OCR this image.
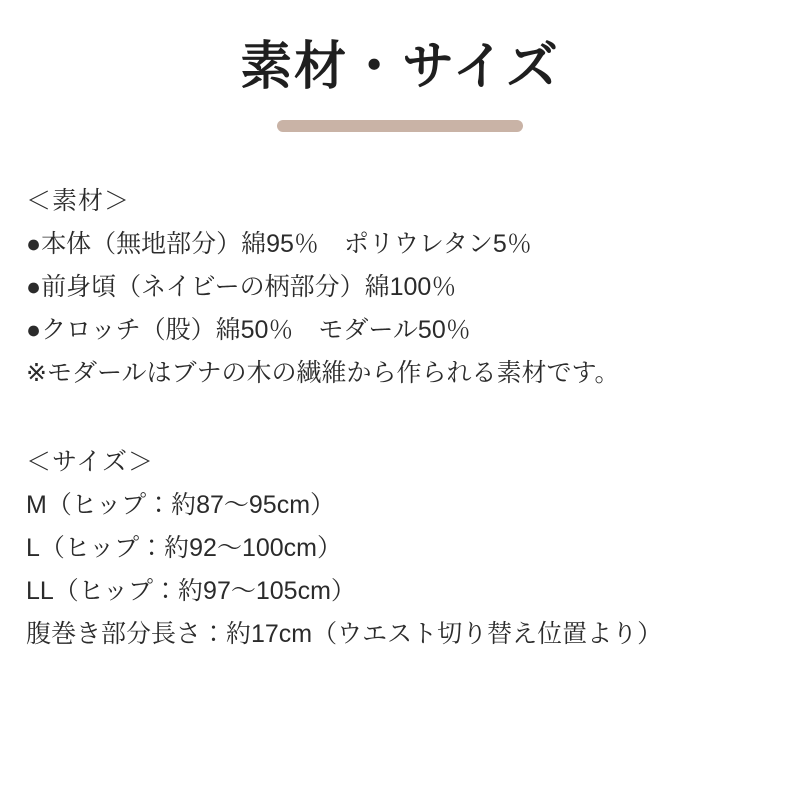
素材・サイズ
＜素材＞
●本体（無地部分）綿95％　ポリウレタン5％
●前身頃（ネイビーの柄部分）綿100％
●クロッチ（股）綿50％　モダール50％
※モダールはブナの木の繊維から作られる素材です。
＜サイズ＞
M（ヒップ：約87〜95cm）
L（ヒップ：約92〜100cm）
LL（ヒップ：約97〜105cm）
腹巻き部分長さ：約17cm（ウエスト切り替え位置より）
